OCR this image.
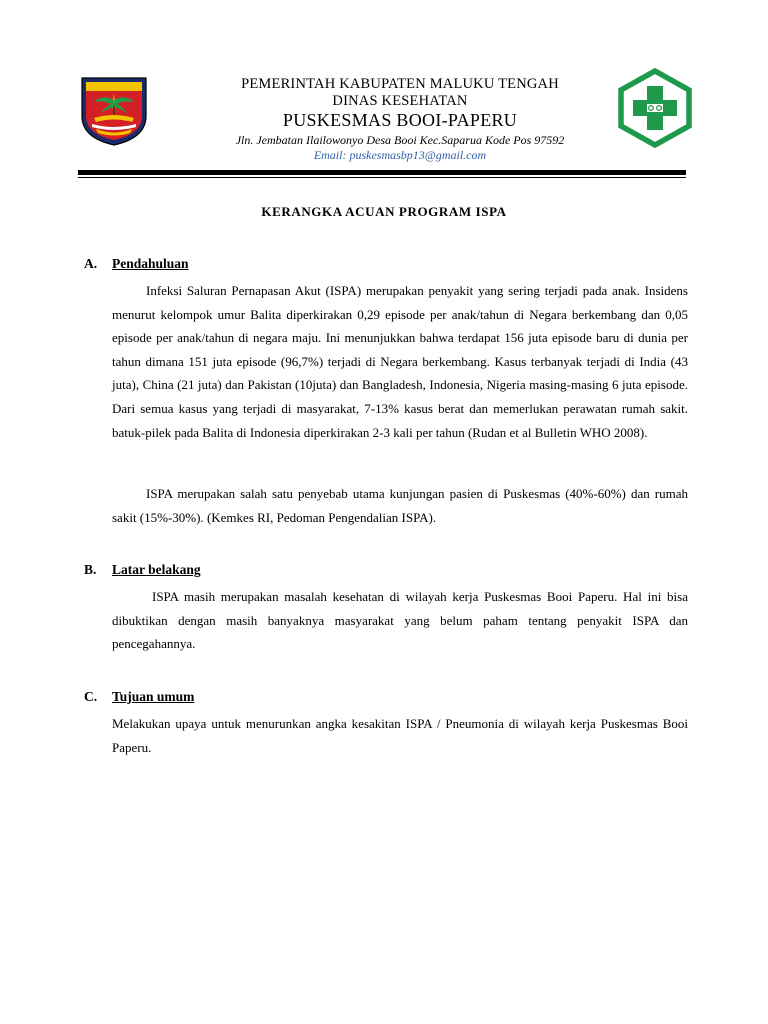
PEMERINTAH KABUPATEN MALUKU TENGAH
DINAS KESEHATAN
PUSKESMAS BOOI-PAPERU
Jln. Jembatan Ilailowonyo Desa Booi Kec.Saparua Kode Pos 97592
Email: puskesmasbp13@gmail.com
KERANGKA ACUAN PROGRAM ISPA
A. Pendahuluan

Infeksi Saluran Pernapasan Akut (ISPA) merupakan penyakit yang sering terjadi pada anak. Insidens menurut kelompok umur Balita diperkirakan 0,29 episode per anak/tahun di Negara berkembang dan 0,05 episode per anak/tahun di negara maju. Ini menunjukkan bahwa terdapat 156 juta episode baru di dunia per tahun dimana 151 juta episode (96,7%) terjadi di Negara berkembang. Kasus terbanyak terjadi di India (43 juta), China (21 juta) dan Pakistan (10juta) dan Bangladesh, Indonesia, Nigeria masing-masing 6 juta episode. Dari semua kasus yang terjadi di masyarakat, 7-13% kasus berat dan memerlukan perawatan rumah sakit. batuk-pilek pada Balita di Indonesia diperkirakan 2-3 kali per tahun (Rudan et al Bulletin WHO 2008).

ISPA merupakan salah satu penyebab utama kunjungan pasien di Puskesmas (40%-60%) dan rumah sakit (15%-30%). (Kemkes RI, Pedoman Pengendalian ISPA).

B. Latar belakang

ISPA masih merupakan masalah kesehatan di wilayah kerja Puskesmas Booi Paperu. Hal ini bisa dibuktikan dengan masih banyaknya masyarakat yang belum paham tentang penyakit ISPA dan pencegahannya.

C. Tujuan umum

Melakukan upaya untuk menurunkan angka kesakitan ISPA / Pneumonia di wilayah kerja Puskesmas Booi Paperu.
